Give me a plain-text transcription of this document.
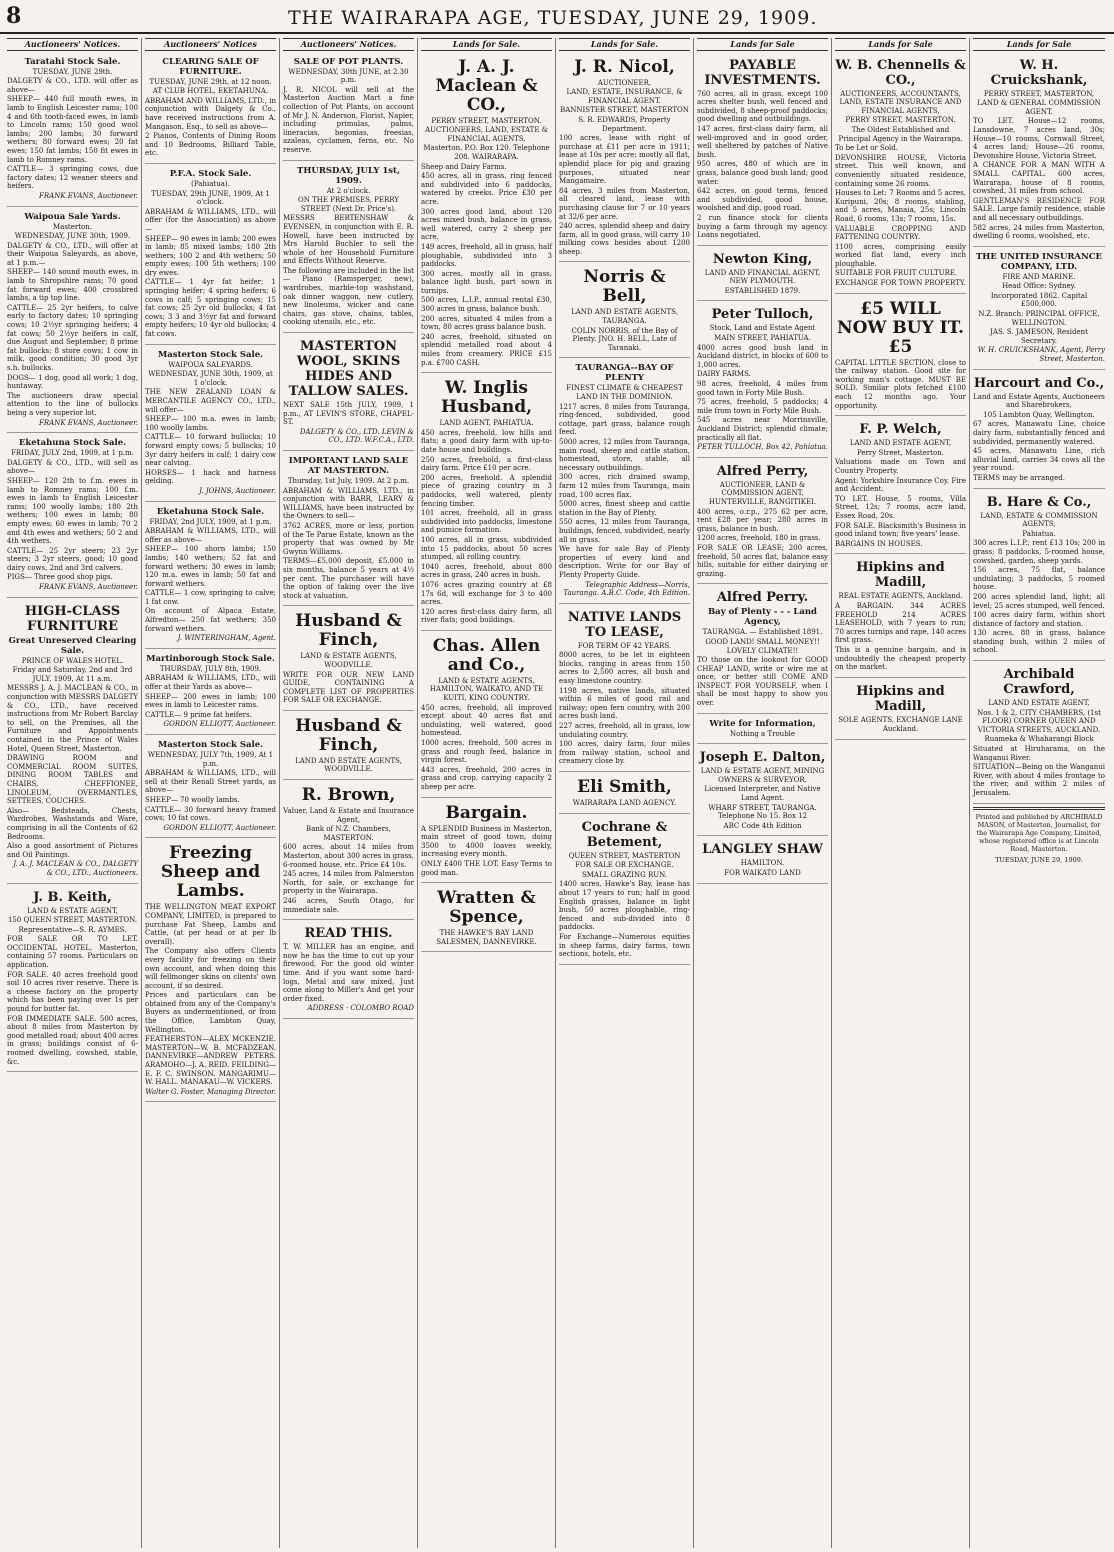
8	THE WAIRARAPA AGE, TUESDAY, JUNE 29, 1909.
Auctioneers' Notices.
Taratahi Stock Sale.
TUESDAY, JUNE 29th.

DALGETY & CO., LTD. will offer as above—

SHEEP— 440 full mouth ewes, in lamb to English Leicester rams; 100 4 and 6th tooth-faced ewes, in lamb to Lincoln rams; 150 good wool lambs; 200 lambs; 30 forward wethers; 80 forward ewes; 20 fat ewes; 150 fat lambs; 150 fit ewes in lamb to Romney rams.

CATTLE— 3 springing cows, due factory dates; 12 weaner steers and heifers.

FRANK EVANS, Auctioneer.
Waipoua Sale Yards.
Masterton.
WEDNESDAY, JUNE 30th, 1909.

DALGETY & CO., LTD., will offer at their Waipoua Saleyards, as above, at 1 p.m.—

SHEEP— 140 sound mouth ewes, in lamb to Shropshire rams; 70 good fat forward ewes; 400 crossbred lambs, a tip top line.

CATTLE— 25 2yr heifers, to calve early to factory dates; 10 springing cows; 10 2½yr springing heifers; 4 fat cows; 50 2½yr heifers in calf, due August and September; 8 prime fat bullocks; 8 store cows; 1 cow in milk, good condition; 30 good 3yr s.h. bullocks.

DOGS— 1 dog, good all work; 1 dog, huntaway.

The auctioneers draw special attention to the line of bullocks being a very superior lot.

FRANK EVANS, Auctioneer.
Eketahuna Stock Sale.
FRIDAY, JULY 2nd, 1909, at 1 p.m.

DALGETY & CO., LTD., will sell as above—

SHEEP— 120 2th to f.m. ewes in lamb to Romney rams; 100 f.m. ewes in lamb to English Leicester rams; 100 woolly lambs; 180 2th wethers; 100 ewes in lamb; 80 empty ewes; 60 ewes in lamb; 70 2 and 4th ewes and wethers; 50 2 and 4th wethers.

CATTLE— 25 2yr steers; 23 2yr steers; 3 2yr steers, good; 10 good dairy cows, 2nd and 3rd calvers.

PIGS— Three good shop pigs.

FRANK EVANS, Auctioneer.
HIGH-CLASS FURNITURE
Great Unreserved Clearing Sale.
PRINCE OF WALES HOTEL.
Friday and Saturday, 2nd and 3rd JULY, 1909, At 11 a.m.

MESSRS J. A. J. MACLEAN & CO., in conjunction with MESSRS DALGETY & CO., LTD., have received instructions from Mr Robert Barclay to sell, on the Premises, all the Furniture and Appointments contained in the Prince of Wales Hotel, Queen Street, Masterton.

DRAWING ROOM and COMMERCIAL ROOM SUITES, DINING ROOM TABLES and CHAIRS, CHEFFIONEE, LINOLEUM, OVERMANTLES, SETTEES, COUCHES.

Also— Bedsteads, Chests, Wardrobes, Washstands and Ware, comprising in all the Contents of 62 Bedrooms.

Also a good assortment of Pictures and Oil Paintings.

J. A. J. MACLEAN & CO., DALGETY & CO., LTD., Auctioneers.
J. B. Keith,
LAND & ESTATE AGENT,
150 QUEEN STREET, MASTERTON.
Representative—S. R. AYMES.

FOR SALE OR TO LET. OCCIDENTAL HOTEL, Masterton, containing 57 rooms. Particulars on application.

FOR SALE. 40 acres freehold good soil 10 acres river reserve. There is a cheese factory on the property which has been paying over 1s per pound for butter fat.

FOR IMMEDIATE SALE. 500 acres, about 8 miles from Masterton by good metalled road; about 400 acres in grass; buildings consist of 6-roomed dwelling, cowshed, stable, &c.

Auctioneers' Notices
CLEARING SALE OF FURNITURE.
TUESDAY, JUNE 29th, at 12 noon.
AT CLUB HOTEL, EKETAHUNA.

ABRAHAM AND WILLIAMS, LTD., in conjunction with Dalgety & Co., have received instructions from A. Mangason, Esq., to sell as above—

2 Pianos, Contents of Dining Room and 10 Bedrooms, Billiard Table, etc.

P.F.A. Stock Sale.
(Pahiatua).
TUESDAY, 29th JUNE, 1909, At 1 o'clock.

ABRAHAM & WILLIAMS, LTD., will offer (for the Association) as above—

SHEEP— 90 ewes in lamb; 200 ewes in lamb; 85 mixed lambs; 180 2th wethers; 100 2 and 4th wethers; 50 empty ewes; 100 5th wethers; 100 dry ewes.

CATTLE— 1 4yr fat heifer; 1 springing heifer; 4 spring heifers; 6 cows in calf; 5 springing cows; 15 fat cows; 25 2yr old bullocks; 4 fat cows; 3 3 and 3½yr fat and forward empty heifers; 10 4yr old bullocks; 4 fat cows.

Masterton Stock Sale.
WAIPOUA SALEYARDS.
WEDNESDAY, JUNE 30th, 1909, at 1 o'clock.

THE NEW ZEALAND LOAN & MERCANTILE AGENCY CO., LTD., will offer—

SHEEP— 100 m.a. ewes in lamb; 100 woolly lambs.

CATTLE— 10 forward bullocks; 10 forward empty cows; 5 bullocks; 10 3yr dairy heifers in calf; 1 dairy cow near calving.

HORSES— 1 hack and harness gelding.

J. JOHNS, Auctioneer.
Eketahuna Stock Sale.
FRIDAY, 2nd JULY, 1909, at 1 p.m.

ABRAHAM & WILLIAMS, LTD., will offer as above—

SHEEP— 100 shorn lambs; 150 lambs; 140 wethers; 52 fat and forward wethers; 30 ewes in lamb; 120 m.a. ewes in lamb; 50 fat and forward wethers.

CATTLE— 1 cow, springing to calve; 1 fat cow.

On account of Alpaca Estate, Alfredton— 250 fat wethers; 350 forward wethers.

J. WINTERINGHAM, Agent.
Martinborough Stock Sale.
THURSDAY, JULY 8th, 1909.

ABRAHAM & WILLIAMS, LTD., will offer at their Yards as above—

SHEEP— 200 ewes in lamb; 100 ewes in lamb to Leicester rams.

CATTLE— 9 prime fat heifers.

GORDON ELLIOTT, Auctioneer.
Masterton Stock Sale.
WEDNESDAY, JULY 7th, 1909, At 1 p.m.

ABRAHAM & WILLIAMS, LTD., will sell at their Renall Street yards, as above—

SHEEP— 70 woolly lambs.

CATTLE— 30 forward heavy framed cows; 10 fat cows.

GORDON ELLIOTT, Auctioneer.
Freezing Sheep and Lambs.

THE WELLINGTON MEAT EXPORT COMPANY, LIMITED, is prepared to purchase Fat Sheep, Lambs and Cattle, (at per head or at per lb overall).

The Company also offers Clients every facility for freezing on their own account, and when doing this will fellmonger skins on clients' own account, if so desired.

Prices and particulars can be obtained from any of the Company's Buyers as undermentioned, or from the Office, Lambton Quay, Wellington.

FEATHERSTON—ALEX MCKENZIE. MASTERTON—W. B. MCFADZEAN. DANNEVIRKE—ANDREW PETERS. ARAMOHO—J. A. REID. FEILDING—E. F. C. SWINSON. MANGARIMU—W. HALL. MANAKAU—W. VICKERS.

Walter G. Foster, Managing Director.
Auctioneers' Notices.
SALE OF POT PLANTS.
WEDNESDAY, 30th JUNE, at 2.30 p.m.

J. R. NICOL will sell at the Masterton Auction Mart a fine collection of Pot Plants, on account of Mr J. N. Anderson, Florist, Napier, including primulas, palms, lineracias, begonias, freesias, azaleas, cyclamen, ferns, etc. No reserve.

THURSDAY, JULY 1st, 1909.
At 2 o'clock.
ON THE PREMISES, PERRY STREET (Next Dr. Price's).

MESSRS BERTENSHAW & EVENSEN, in conjunction with E. R. Howell, have been instructed by Mrs Harold Buchler to sell the whole of her Household Furniture and Effects Without Reserve.

The following are included in the list— Piano (Ramsperger, new), wardrobes, marble-top washstand, oak dinner waggon, new cutlery, new linoleums, wicker and cane chairs, gas stove, chains, tables, cooking utensils, etc., etc.

MASTERTON WOOL, SKINS HIDES AND TALLOW SALES.

NEXT SALE 15th JULY, 1909, 1 p.m., AT LEVIN'S STORE, CHAPEL-ST.

DALGETY & CO., LTD. LEVIN & CO., LTD. W.F.C.A., LTD.
IMPORTANT LAND SALE AT MASTERTON.
Thursday, 1st July, 1909. At 2 p.m.

ABRAHAM & WILLIAMS, LTD., in conjunction with BARR, LEARY & WILLIAMS, have been instructed by the Owners to sell—

3762 ACRES, more or less, portion of the Te Parae Estate, known as the property that was owned by Mr Gwynn Williams.

TERMS—£5,000 deposit, £5,000 in six months, balance 5 years at 4½ per cent. The purchaser will have the option of taking over the live stock at valuation.

Husband & Finch,
LAND & ESTATE AGENTS, WOODVILLE.

WRITE FOR OUR NEW LAND GUIDE, CONTAINING A COMPLETE LIST OF PROPERTIES FOR SALE OR EXCHANGE.

Husband & Finch,
LAND AND ESTATE AGENTS, WOODVILLE.
R. Brown,
Valuer, Land & Estate and Insurance Agent,
Bank of N.Z. Chambers, MASTERTON.

600 acres, about 14 miles from Masterton, about 300 acres in grass, 6-roomed house, etc. Price £4 10s.

245 acres, 14 miles from Palmerston North, for sale, or exchange for property in the Wairarapa.

246 acres, South Otago, for immediate sale.

READ THIS.

T. W. MILLER has an engine, and now he has the time to cut up your firewood, For the good old winter time. And if you want some hard-logs, Metal and saw mixed, Just come along to Miller's And get your order fixed.

ADDRESS · COLOMBO ROAD
Lands for Sale.
J. A. J. Maclean & CO.,
PERRY STREET, MASTERTON.
AUCTIONEERS, LAND, ESTATE & FINANCIAL AGENTS.
Masterton. P.O. Box 120. Telephone 208. WAIRARAPA.

Sheep and Dairy Farms.

450 acres, all in grass, ring fenced and subdivided into 6 paddocks, watered by creeks. Price £30 per acre.

300 acres good land, about 120 acres mixed bush, balance in grass, well watered, carry 2 sheep per acre.

149 acres, freehold, all in grass, half ploughable, subdivided into 3 paddocks.

300 acres, mostly all in grass, balance light bush, part sown in turnips.

500 acres, L.I.P., annual rental £30, 300 acres in grass, balance bush.

200 acres, situated 4 miles from a town, 80 acres grass balance bush.

240 acres, freehold, situated on splendid metalled road about 4 miles from creamery. PRICE £15 p.a. £700 CASH.

W. Inglis Husband,
LAND AGENT, PAHIATUA.

450 acres, freehold, low hills and flats; a good dairy farm with up-to-date house and buildings.

250 acres, freehold, a first-class dairy farm. Price £10 per acre.

200 acres, freehold. A splendid piece of grazing country in 3 paddocks, well watered, plenty fencing timber.

101 acres, freehold, all in grass subdivided into paddocks, limestone and pumice formation.

100 acres, all in grass, subdivided into 15 paddocks, about 50 acres stumped, all rolling country.

1040 acres, freehold, about 800 acres in grass, 240 acres in bush.

1076 acres grazing country at £8 17s 6d, will exchange for 3 to 400 acres.

120 acres first-class dairy farm, all river flats; good buildings.

Chas. Allen and Co.,
LAND & ESTATE AGENTS, HAMILTON, WAIKATO, AND TE KUITI, KING COUNTRY.

450 acres, freehold, all improved except about 40 acres flat and undulating, well watered, good homestead.

1000 acres, freehold, 500 acres in grass and rough feed, balance in virgin forest.

443 acres, freehold, 200 acres in grass and crop, carrying capacity 2 sheep per acre.

Bargain.

A SPLENDID Business in Masterton, main street of good town, doing 3500 to 4000 loaves weekly, increasing every month.

ONLY £400 THE LOT. Easy Terms to good man.

Wratten & Spence,
THE HAWKE'S BAY LAND SALESMEN, DANNEVIRKE.
Lands for Sale.
J. R. Nicol,
AUCTIONEER,
LAND, ESTATE, INSURANCE, & FINANCIAL AGENT.
BANNISTER STREET, MASTERTON
S. R. EDWARDS, Property Department.

100 acres, lease with right of purchase at £11 per acre in 1911; lease at 10s per acre; mostly all flat, splendid place for pig and grazing purposes, situated near Mangamaire.

84 acres, 3 miles from Masterton, all cleared land, lease with purchasing clause for 7 or 10 years at 32/6 per acre.

240 acres, splendid sheep and dairy farm, all in good grass, will carry 10 milking cows besides about 1200 sheep.

Norris & Bell,
LAND AND ESTATE AGENTS, TAURANGA.
COLIN NORRIS, of the Bay of Plenty. JNO. H. BELL, Late of Taranaki.
TAURANGA--BAY OF PLENTY
FINEST CLIMATE & CHEAPEST LAND IN THE DOMINION.

1217 acres, 8 miles from Tauranga, ring-fenced, subdivided, good cottage, part grass, balance rough feed.

5000 acres, 12 miles from Tauranga, main road, sheep and cattle station, homestead, store, stable, all necessary outbuildings.

300 acres, rich drained swamp, farm 12 miles from Tauranga, main road, 100 acres flax.

5000 acres, finest sheep and cattle station in the Bay of Plenty.

550 acres, 12 miles from Tauranga, buildings, fenced, subdivided, nearly all in grass.

We have for sale Bay of Plenty properties of every kind and description. Write for our Bay of Plenty Property Guide.

Telegraphic Address—Norris, Tauranga. A.B.C. Code, 4th Edition.
NATIVE LANDS TO LEASE,
FOR TERM OF 42 YEARS.

8000 acres, to be let in eighteen blocks, ranging in areas from 150 acres to 2,500 acres, all bush and easy limestone country.

1198 acres, native lands, situated within 6 miles of good rail and railway; open fern country, with 200 acres bush land.

227 acres, freehold, all in grass, low undulating country.

100 acres, dairy farm, four miles from railway station, school and creamery close by.

Eli Smith,
WAIRARAPA LAND AGENCY.
Cochrane & Betement,
QUEEN STREET, MASTERTON
FOR SALE OR EXCHANGE.
SMALL GRAZING RUN.

1400 acres, Hawke's Bay, lease has about 17 years to run; half in good English grasses, balance in light bush, 50 acres ploughable, ring-fenced and sub-divided into 8 paddocks.

For Exchange—Numerous equities in sheep farms, dairy farms, town sections, hotels, etc.

Lands for Sale
PAYABLE INVESTMENTS.

760 acres, all in grass, except 100 acres shelter bush, well fenced and subdivided, 8 sheep-proof paddocks; good dwelling and outbuildings.

147 acres, first-class dairy farm, all well-improved and in good order, well sheltered by patches of Native bush.

950 acres, 480 of which are in grass, balance good bush land; good water.

642 acres, on good terms, fenced and subdivided, good house, woolshed and dip, good road.

2 run finance stock for clients buying a farm through my agency. Loans negotiated.

Newton King,
LAND AND FINANCIAL AGENT, NEW PLYMOUTH.
ESTABLISHED 1879.
Peter Tulloch,
Stock, Land and Estate Agent
MAIN STREET, PAHIATUA.

4000 acres good bush land in Auckland district, in blocks of 600 to 1,000 acres.

DAIRY FARMS.

98 acres, freehold, 4 miles from good town in Forty Mile Bush.

75 acres, freehold, 5 paddocks; 4 mile from town in Forty Mile Bush.

545 acres near Morrinsville, Auckland District; splendid climate; practically all flat.

PETER TULLOCH, Box 42, Pahiatua.
Alfred Perry,
AUCTIONEER, LAND & COMMISSION AGENT, HUNTERVILLE, RANGITIKEI.

400 acres, o.r.p., 275 62 per acre, rent £28 per year; 280 acres in grass, balance in bush.

1200 acres, freehold, 180 in grass.

FOR SALE OR LEASE; 200 acres, freehold, 50 acres flat, balance easy hills, suitable for either dairying or grazing.

Alfred Perry.
Bay of Plenty - - - Land Agency,
TAURANGA. — Established 1891.
GOOD LAND! SMALL MONEY!! LOVELY CLIMATE!!

TO those on the lookout for GOOD CHEAP LAND, write or wire me at once, or better still COME AND INSPECT FOR YOURSELF, when I shall be most happy to show you over.

Write for Information,
Nothing a Trouble
Joseph E. Dalton,
LAND & ESTATE AGENT, MINING OWNERS & SURVEYOR.
Licensed Interpreter, and Native Land Agent.
WHARF STREET, TAURANGA. Telephone No 15. Box 12
ABC Code 4th Edition
LANGLEY SHAW
HAMILTON.
FOR WAIKATO LAND
Lands for Sale
W. B. Chennells & CO.,
AUCTIONEERS, ACCOUNTANTS, LAND, ESTATE INSURANCE AND FINANCIAL AGENTS,
PERRY STREET, MASTERTON.
The Oldest Established and Principal Agency in the Wairarapa.

To be Let or Sold.

DEVONSHIRE HOUSE, Victoria street. This well known, and conveniently situated residence, containing some 26 rooms.

Houses to Let: 7 Rooms and 5 acres, Kuripuni, 20s; 8 rooms, stabling, and 5 acres, Manaia, 25s; Lincoln Road, 6 rooms, 13s; 7 rooms, 15s.

VALUABLE CROPPING AND FATTENING COUNTRY.

1100 acres, comprising easily worked flat land, every inch ploughable.

SUITABLE FOR FRUIT CULTURE.

EXCHANGE FOR TOWN PROPERTY.

£5 WILL NOW BUY IT. £5

CAPITAL LITTLE SECTION, close to the railway station. Good site for working man's cottage. MUST BE SOLD. Similar plots fetched £100 each 12 months ago. Your opportunity.

F. P. Welch,
LAND AND ESTATE AGENT,
Perry Street, Masterton.

Valuations made on Town and Country Property.

Agent: Yorkshire Insurance Coy. Fire and Accident.

TO LET. House, 5 rooms, Villa Street, 12s; 7 rooms, acre land, Essex Road, 20s.

FOR SALE. Blacksmith's Business in good inland town; five years' lease.

BARGAINS IN HOUSES.

Hipkins and Madill,
REAL ESTATE AGENTS, Auckland.

A BARGAIN. 344 ACRES FREEHOLD 214 ACRES LEASEHOLD, with 7 years to run; 70 acres turnips and rape, 140 acres first grass.

This is a genuine bargain, and is undoubtedly the cheapest property on the market.

Hipkins and Madill,
SOLE AGENTS, EXCHANGE LANE
Auckland.
Lands for Sale
W. H. Cruickshank,
PERRY STREET, MASTERTON,
LAND & GENERAL COMMISSION AGENT.

TO LET. House—12 rooms, Lansdowne, 7 acres land, 30s; House—10 rooms, Cornwall Street, 4 acres land; House—26 rooms, Devonshire House, Victoria Street.

A CHANCE FOR A MAN WITH A SMALL CAPITAL. 600 acres, Wairarapa, house of 8 rooms, cowshed, 31 miles from school.

GENTLEMAN'S RESIDENCE FOR SALE. Large family residence, stable and all necessary outbuildings.

582 acres, 24 miles from Masterton, dwelling 6 rooms, woolshed, etc.

THE UNITED INSURANCE COMPANY, LTD.
FIRE AND MARINE.
Head Office: Sydney.
Incorporated 1862. Capital £500,000.
N.Z. Branch: PRINCIPAL OFFICE, WELLINGTON.
JAS. S. JAMESON, Resident Secretary.
W. H. CRUICKSHANK, Agent, Perry Street, Masterton.
Harcourt and Co.,
Land and Estate Agents, Auctioneers and Sharebrokers,
105 Lambton Quay, Wellington.

67 acres, Manawatu Line, choice dairy farm, substantially fenced and subdivided, permanently watered.

45 acres, Manawatu Line, rich alluvial land, carries 34 cows all the year round.

TERMS may be arranged.

B. Hare & Co.,
LAND, ESTATE & COMMISSION AGENTS,
Pahiatua.

300 acres L.I.P.; rent £13 10s; 200 in grass; 8 paddocks, 5-roomed house, cowshed, garden, sheep yards.

156 acres, 75 flat, balance undulating; 3 paddocks, 5 roomed house.

200 acres splendid land, light; all level; 25 acres stumped, well fenced.

100 acres dairy farm, within short distance of factory and station.

130 acres, 80 in grass, balance standing bush, within 2 miles of school.

Archibald Crawford,
LAND AND ESTATE AGENT,
Nos. 1 & 2, CITY CHAMBERS, (1st FLOOR) CORNER QUEEN AND VICTORIA STREETS, AUCKLAND.
Ruameka & Whaharangi Block

Situated at Hiruharama, on the Wanganui River.

SITUATION—Being on the Wanganui River, with about 4 miles frontage to the river, and within 2 miles of Jerusalem.

Printed and published by ARCHIBALD MASON, of Masterton, Journalist, for the Wairarapa Age Company, Limited, whose registered office is at Lincoln Road, Masterton.
TUESDAY, JUNE 29, 1909.
